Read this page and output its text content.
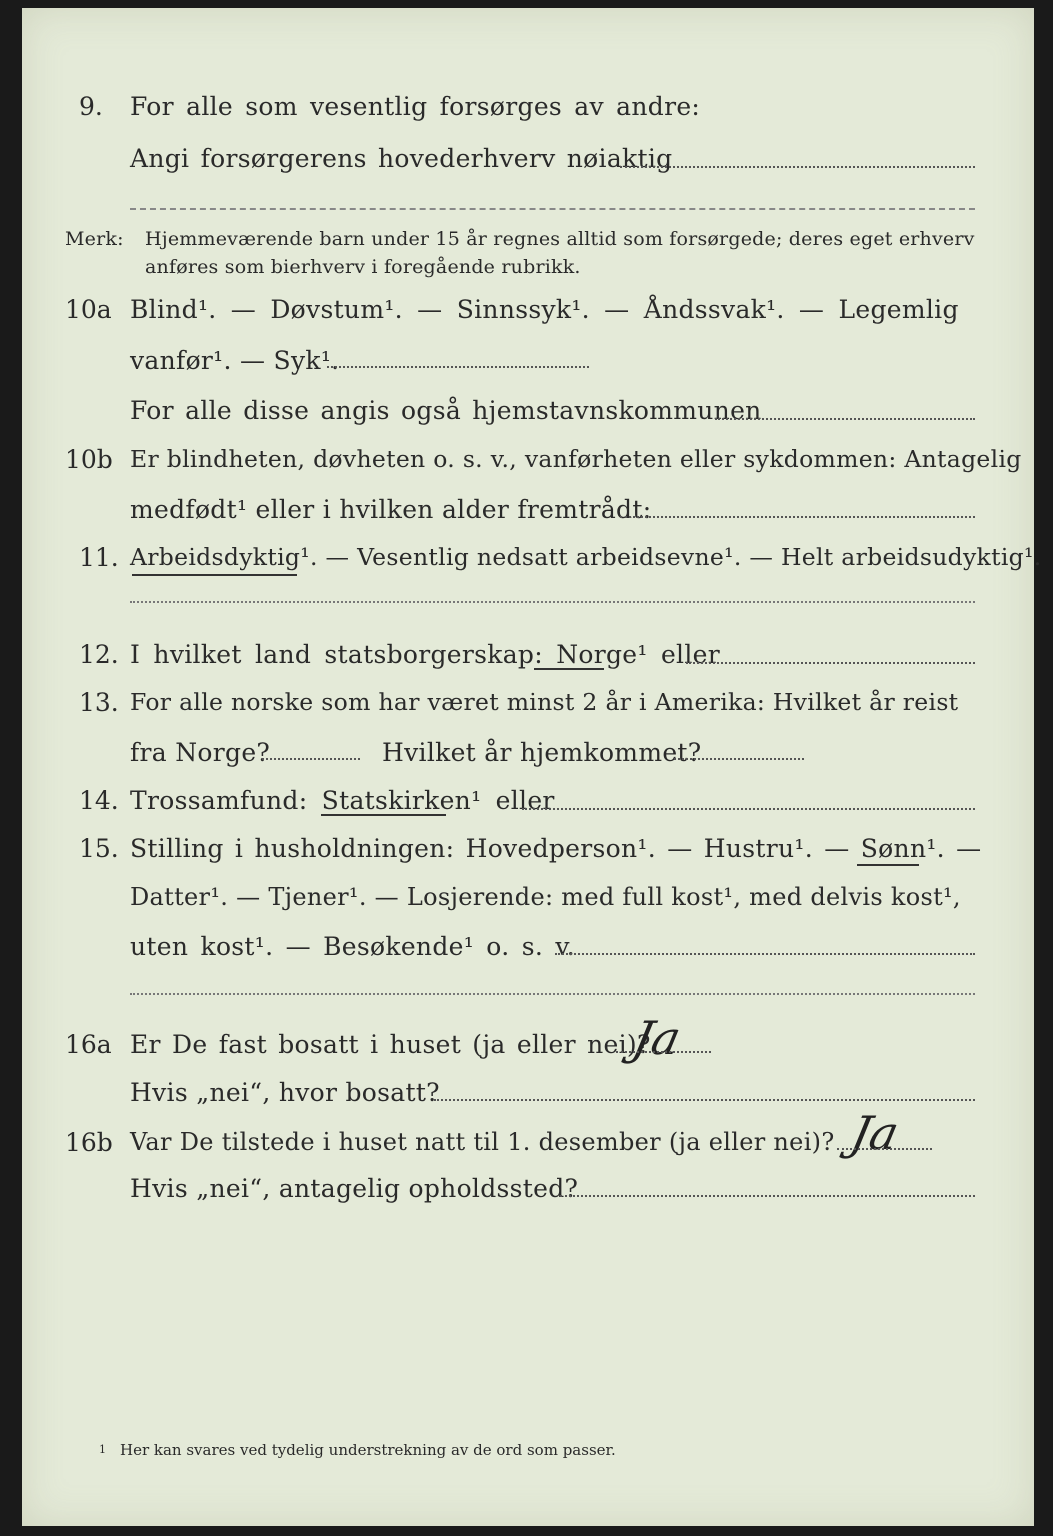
9. For alle som vesentlig forsørges av andre:
Angi forsørgerens hovederhverv nøiaktig
Merk: Hjemmeværende barn under 15 år regnes alltid som forsørgede; deres eget erhverv
anføres som bierhverv i foregående rubrikk.
10a Blind¹. — Døvstum¹. — Sinnssyk¹. — Åndssvak¹. — Legemlig
vanfør¹. — Syk¹.
For alle disse angis også hjemstavnskommunen
10b Er blindheten, døvheten o. s. v., vanførheten eller sykdommen: Antagelig
medfødt¹ eller i hvilken alder fremtrådt:
11. Arbeidsdyktig¹. — Vesentlig nedsatt arbeidsevne¹. — Helt arbeidsudyktig¹.
12. I hvilket land statsborgerskap: Norge¹ eller
13. For alle norske som har været minst 2 år i Amerika: Hvilket år reist
fra Norge?	Hvilket år hjemkommet?
14. Trossamfund: Statskirken¹ eller
15. Stilling i husholdningen: Hovedperson¹. — Hustru¹. — Sønn¹. —
Datter¹. — Tjener¹. — Losjerende: med full kost¹, med delvis kost¹,
uten kost¹. — Besøkende¹ o. s. v.
16a Er De fast bosatt i huset (ja eller nei)?
Ja
Hvis „nei“, hvor bosatt?
16b Var De tilstede i huset natt til 1. desember (ja eller nei)? Ja
Hvis „nei“, antagelig opholdssted?
1 Her kan svares ved tydelig understrekning av de ord som passer.
